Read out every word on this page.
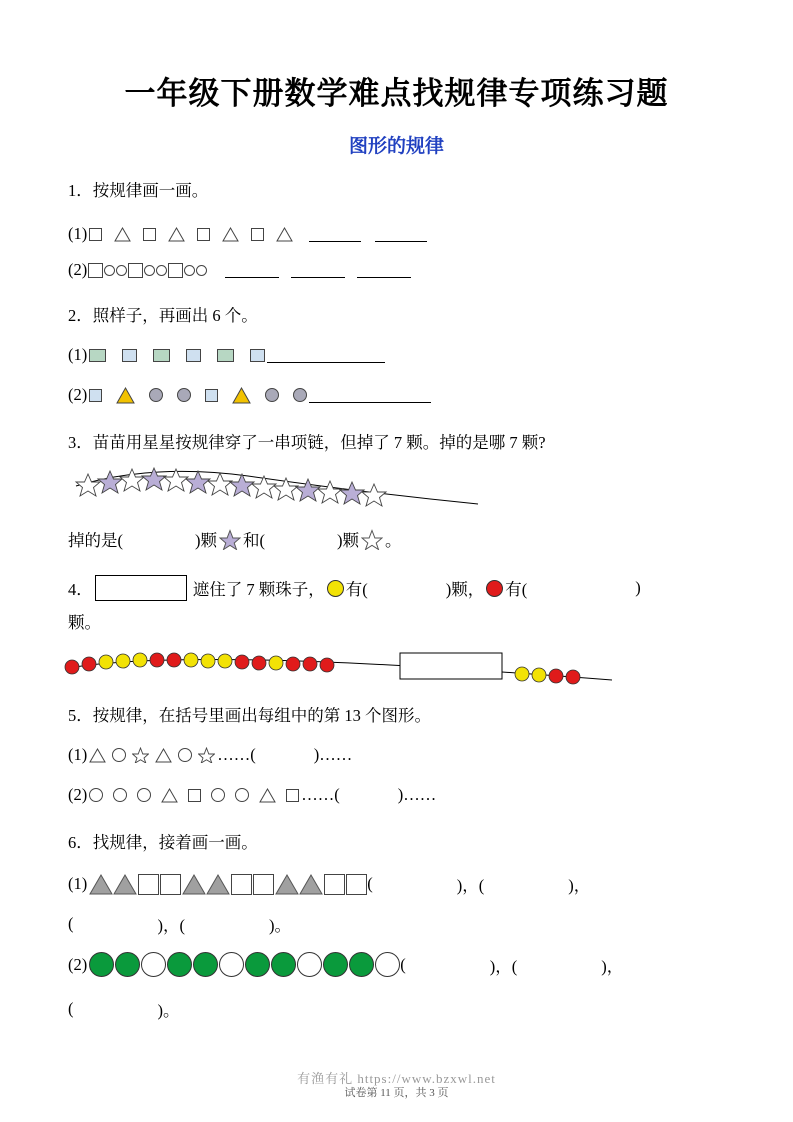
一年级下册数学难点找规律专项练习题
图形的规律
1．按规律画一画。
(1)
(2)
2．照样子，再画出 6 个。
(1)
(2)
3．苗苗用星星按规律穿了一串项链，但掉了 7 颗。掉的是哪 7 颗?
掉的是(	)颗 和(	)颗 。
4．	遮住了 7 颗珠子， 有(	)颗， 有(	)
颗。
5．按规律，在括号里画出每组中的第 13 个图形。
(1)	……(	)……
(2)	……(	)……
6．找规律，接着画一画。
(1)	(	)，(	)，
(	)，(	)。
(2)	(	)，(	)，
(	)。
有渔有礼 https://www.bzxwl.net
试卷第 11 页，共 3 页
